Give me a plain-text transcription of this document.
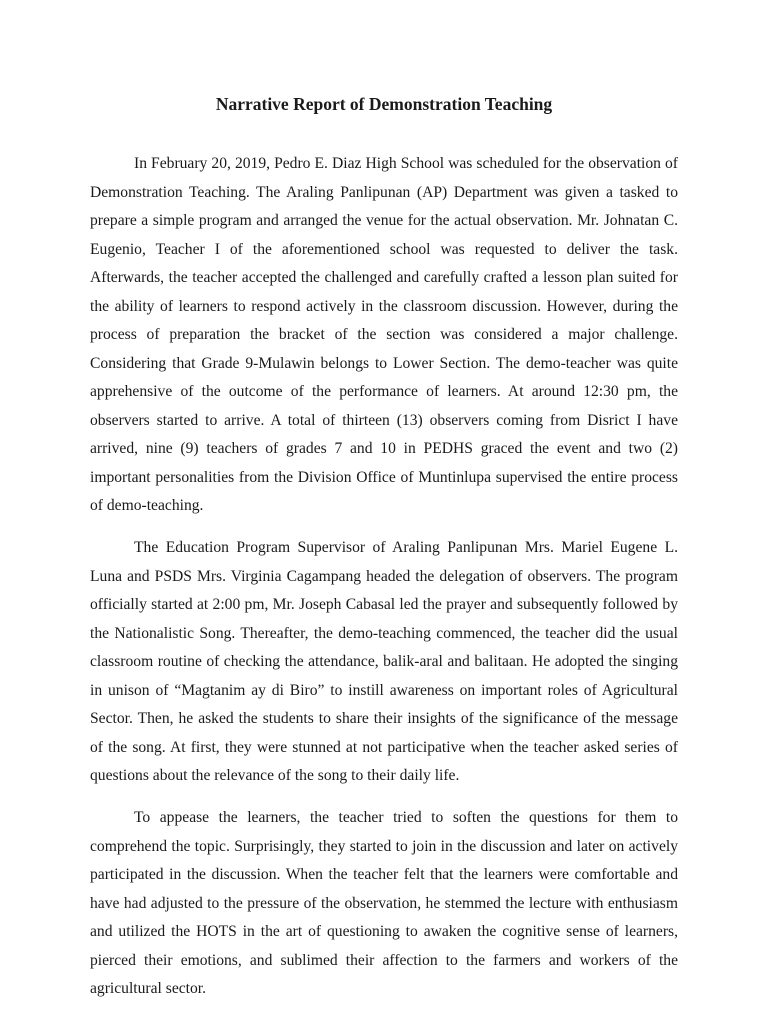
Narrative Report of Demonstration Teaching

In February 20, 2019, Pedro E. Diaz High School was scheduled for the observation of Demonstration Teaching. The Araling Panlipunan (AP) Department was given a tasked to prepare a simple program and arranged the venue for the actual observation. Mr. Johnatan C. Eugenio, Teacher I of the aforementioned school was requested to deliver the task. Afterwards, the teacher accepted the challenged and carefully crafted a lesson plan suited for the ability of learners to respond actively in the classroom discussion. However, during the process of preparation the bracket of the section was considered a major challenge. Considering that Grade 9-Mulawin belongs to Lower Section. The demo-teacher was quite apprehensive of the outcome of the performance of learners. At around 12:30 pm, the observers started to arrive. A total of thirteen (13) observers coming from Disrict I have arrived, nine (9) teachers of grades 7 and 10 in PEDHS graced the event and two (2) important personalities from the Division Office of Muntinlupa supervised the entire process of demo-teaching.

The Education Program Supervisor of Araling Panlipunan Mrs. Mariel Eugene L. Luna and PSDS Mrs. Virginia Cagampang headed the delegation of observers. The program officially started at 2:00 pm, Mr. Joseph Cabasal led the prayer and subsequently followed by the Nationalistic Song. Thereafter, the demo-teaching commenced, the teacher did the usual classroom routine of checking the attendance, balik-aral and balitaan. He adopted the singing in unison of “Magtanim ay di Biro” to instill awareness on important roles of Agricultural Sector. Then, he asked the students to share their insights of the significance of the message of the song. At first, they were stunned at not participative when the teacher asked series of questions about the relevance of the song to their daily life.

To appease the learners, the teacher tried to soften the questions for them to comprehend the topic. Surprisingly, they started to join in the discussion and later on actively participated in the discussion. When the teacher felt that the learners were comfortable and have had adjusted to the pressure of the observation, he stemmed the lecture with enthusiasm and utilized the HOTS in the art of questioning to awaken the cognitive sense of learners, pierced their emotions, and sublimed their affection to the farmers and workers of the agricultural sector.
